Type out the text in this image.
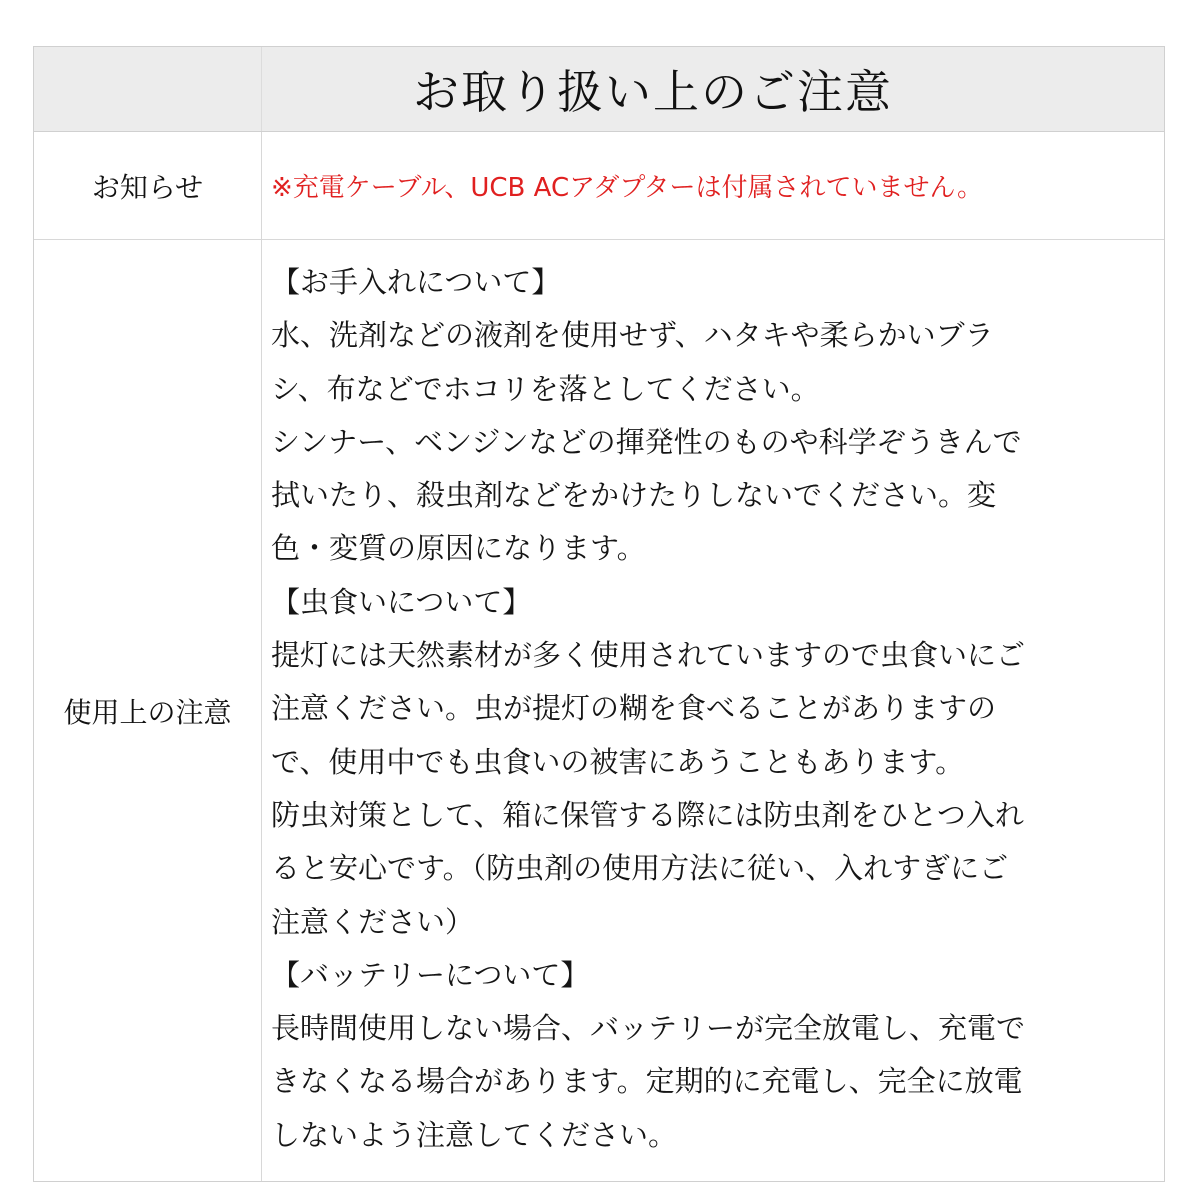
お取り扱い上のご注意
お知らせ	※充電ケーブル、UCB ACアダプターは付属されていません。
使用上の注意
【お手入れについて】
水、洗剤などの液剤を使用せず、ハタキや柔らかいブラ
シ、布などでホコリを落としてください。
シンナー、ベンジンなどの揮発性のものや科学ぞうきんで
拭いたり、殺虫剤などをかけたりしないでください。変
色・変質の原因になります。
【虫食いについて】
提灯には天然素材が多く使用されていますので虫食いにご
注意ください。虫が提灯の糊を食べることがありますの
で、使用中でも虫食いの被害にあうこともあります。
防虫対策として、箱に保管する際には防虫剤をひとつ入れ
ると安心です。（防虫剤の使用方法に従い、入れすぎにご
注意ください）
【バッテリーについて】
長時間使用しない場合、バッテリーが完全放電し、充電で
きなくなる場合があります。定期的に充電し、完全に放電
しないよう注意してください。
